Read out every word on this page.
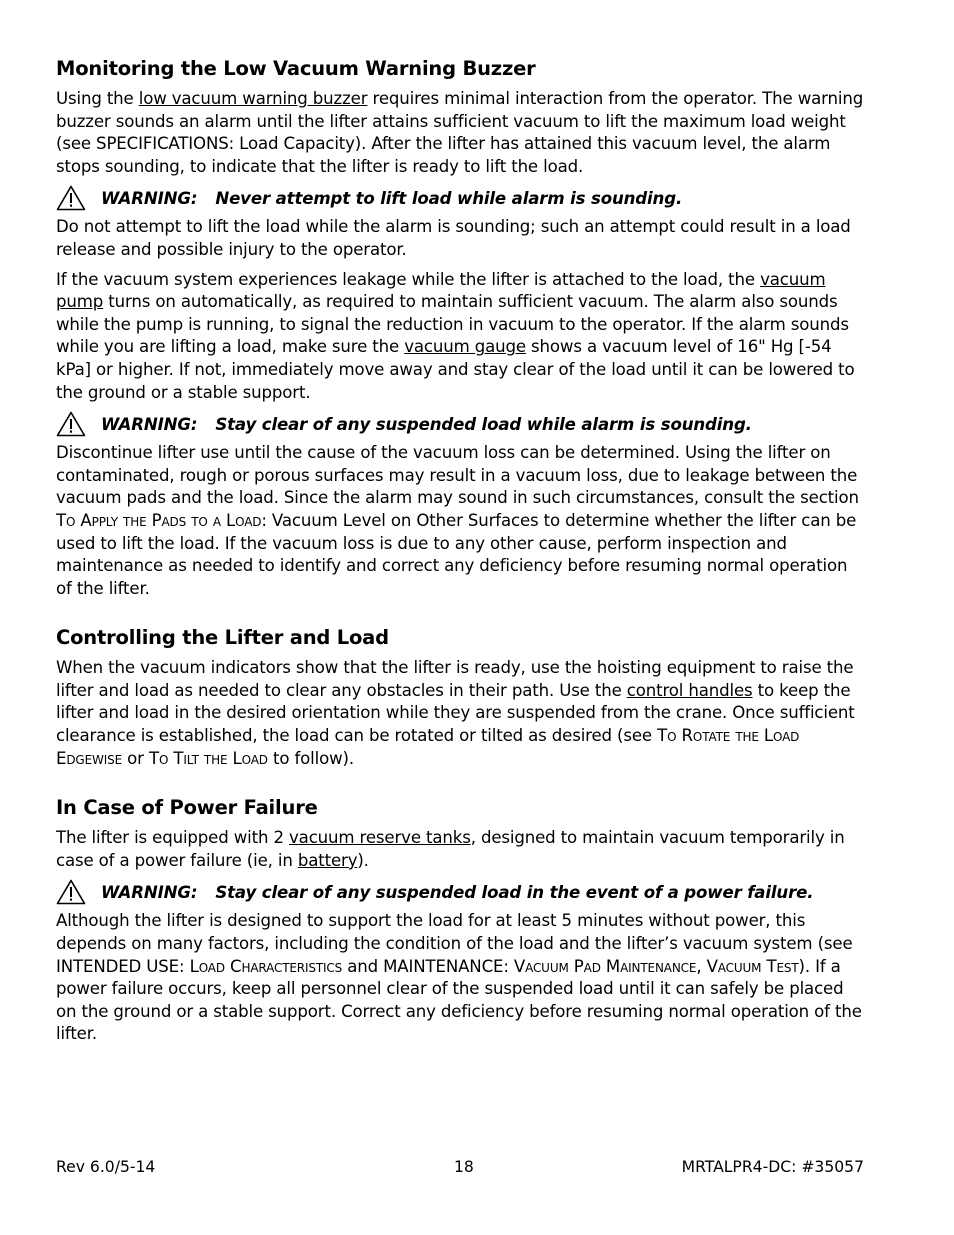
Monitoring the Low Vacuum Warning Buzzer

Using the low vacuum warning buzzer requires minimal interaction from the operator. The warning buzzer sounds an alarm until the lifter attains sufficient vacuum to lift the maximum load weight (see SPECIFICATIONS: Load Capacity). After the lifter has attained this vacuum level, the alarm stops sounding, to indicate that the lifter is ready to lift the load.

WARNING: Never attempt to lift load while alarm is sounding.

Do not attempt to lift the load while the alarm is sounding; such an attempt could result in a load release and possible injury to the operator.

If the vacuum system experiences leakage while the lifter is attached to the load, the vacuum pump turns on automatically, as required to maintain sufficient vacuum. The alarm also sounds while the pump is running, to signal the reduction in vacuum to the operator. If the alarm sounds while you are lifting a load, make sure the vacuum gauge shows a vacuum level of 16" Hg [-54 kPa] or higher. If not, immediately move away and stay clear of the load until it can be lowered to the ground or a stable support.

WARNING: Stay clear of any suspended load while alarm is sounding.

Discontinue lifter use until the cause of the vacuum loss can be determined. Using the lifter on contaminated, rough or porous surfaces may result in a vacuum loss, due to leakage between the vacuum pads and the load. Since the alarm may sound in such circumstances, consult the section To Apply the Pads to a Load: Vacuum Level on Other Surfaces to determine whether the lifter can be used to lift the load. If the vacuum loss is due to any other cause, perform inspection and maintenance as needed to identify and correct any deficiency before resuming normal operation of the lifter.

Controlling the Lifter and Load

When the vacuum indicators show that the lifter is ready, use the hoisting equipment to raise the lifter and load as needed to clear any obstacles in their path. Use the control handles to keep the lifter and load in the desired orientation while they are suspended from the crane. Once sufficient clearance is established, the load can be rotated or tilted as desired (see To Rotate the Load Edgewise or To Tilt the Load to follow).

In Case of Power Failure

The lifter is equipped with 2 vacuum reserve tanks, designed to maintain vacuum temporarily in case of a power failure (ie, in battery).

WARNING: Stay clear of any suspended load in the event of a power failure.

Although the lifter is designed to support the load for at least 5 minutes without power, this depends on many factors, including the condition of the load and the lifter’s vacuum system (see INTENDED USE: Load Characteristics and MAINTENANCE: Vacuum Pad Maintenance, Vacuum Test). If a power failure occurs, keep all personnel clear of the suspended load until it can safely be placed on the ground or a stable support. Correct any deficiency before resuming normal operation of the lifter.

Rev 6.0/5-14	18	MRTALPR4-DC: #35057
